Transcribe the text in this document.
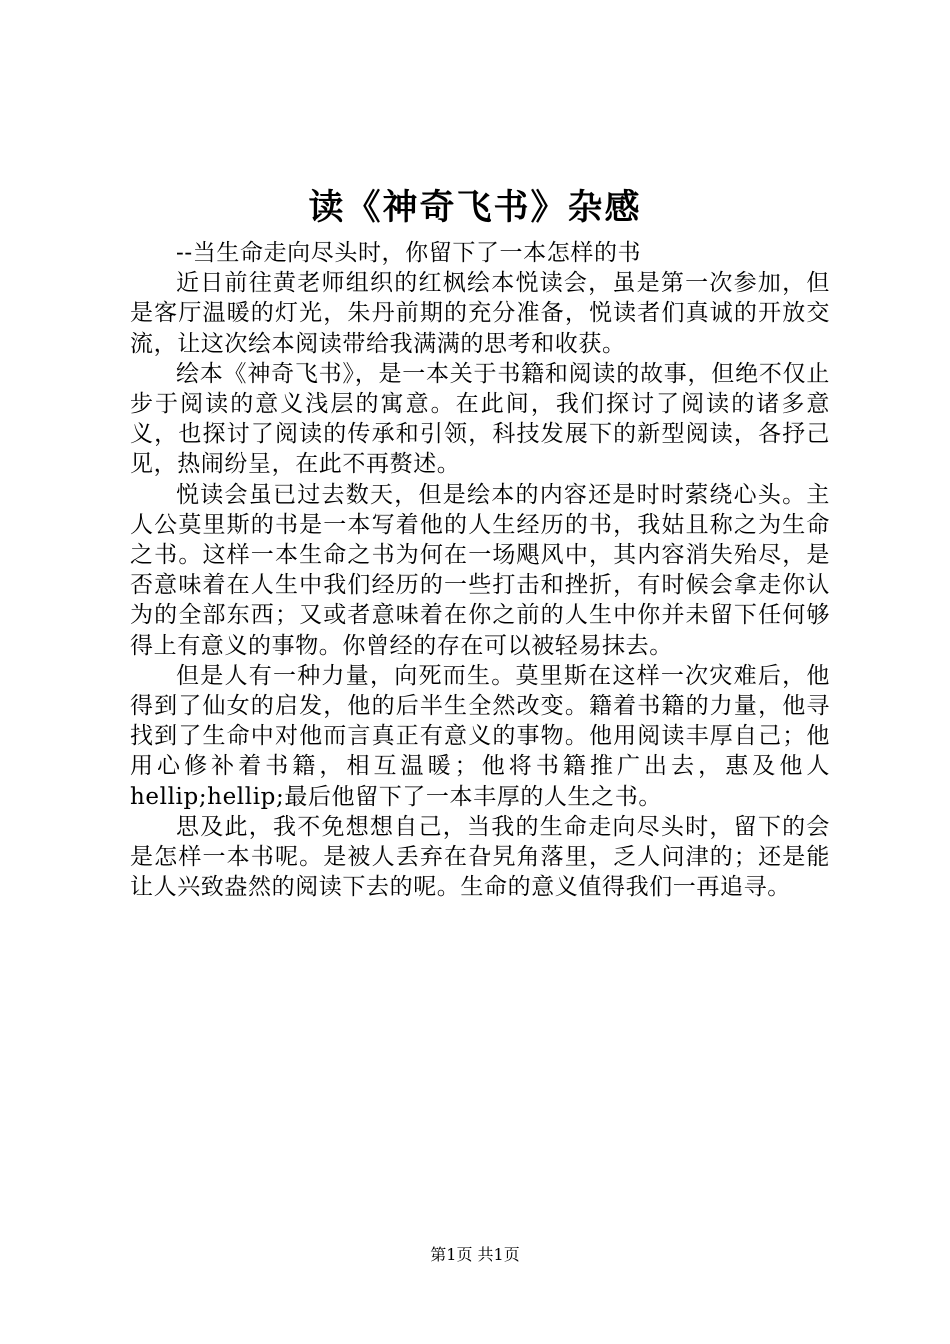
读《神奇飞书》杂感

--当生命走向尽头时，你留下了一本怎样的书

近日前往黄老师组织的红枫绘本悦读会，虽是第一次参加，但是客厅温暖的灯光，朱丹前期的充分准备，悦读者们真诚的开放交流，让这次绘本阅读带给我满满的思考和收获。

绘本《神奇飞书》，是一本关于书籍和阅读的故事，但绝不仅止步于阅读的意义浅层的寓意。在此间，我们探讨了阅读的诸多意义，也探讨了阅读的传承和引领，科技发展下的新型阅读，各抒己见，热闹纷呈，在此不再赘述。

悦读会虽已过去数天，但是绘本的内容还是时时萦绕心头。主人公莫里斯的书是一本写着他的人生经历的书，我姑且称之为生命之书。这样一本生命之书为何在一场飓风中，其内容消失殆尽，是否意味着在人生中我们经历的一些打击和挫折，有时候会拿走你认为的全部东西；又或者意味着在你之前的人生中你并未留下任何够得上有意义的事物。你曾经的存在可以被轻易抹去。

但是人有一种力量，向死而生。莫里斯在这样一次灾难后，他得到了仙女的启发，他的后半生全然改变。籍着书籍的力量，他寻找到了生命中对他而言真正有意义的事物。他用阅读丰厚自己；他用心修补着书籍，相互温暖；他将书籍推广出去，惠及他人hellip;hellip;最后他留下了一本丰厚的人生之书。

思及此，我不免想想自己，当我的生命走向尽头时，留下的会是怎样一本书呢。是被人丢弃在旮旯角落里，乏人问津的；还是能让人兴致盎然的阅读下去的呢。生命的意义值得我们一再追寻。

第1页 共1页
